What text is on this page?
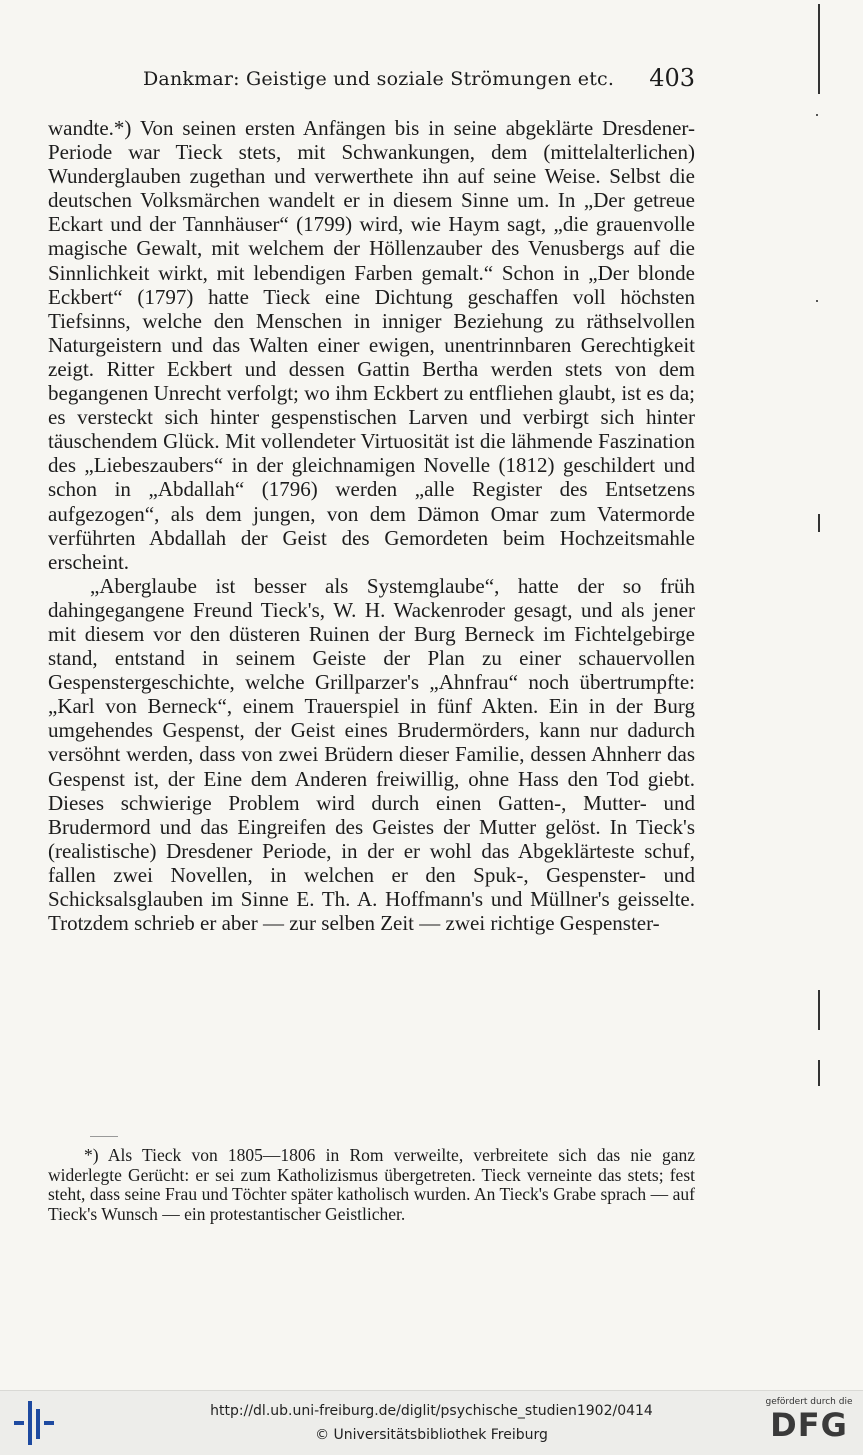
Dankmar: Geistige und soziale Strömungen etc. 403

wandte.*) Von seinen ersten Anfängen bis in seine abgeklärte Dresdener-Periode war Tieck stets, mit Schwankungen, dem (mittelalterlichen) Wunderglauben zugethan und verwerthete ihn auf seine Weise. Selbst die deutschen Volksmärchen wandelt er in diesem Sinne um. In „Der getreue Eckart und der Tannhäuser“ (1799) wird, wie Haym sagt, „die grauenvolle magische Gewalt, mit welchem der Höllenzauber des Venusbergs auf die Sinnlichkeit wirkt, mit lebendigen Farben gemalt.“ Schon in „Der blonde Eckbert“ (1797) hatte Tieck eine Dichtung geschaffen voll höchsten Tiefsinns, welche den Menschen in inniger Beziehung zu räthselvollen Naturgeistern und das Walten einer ewigen, unentrinnbaren Gerechtigkeit zeigt. Ritter Eckbert und dessen Gattin Bertha werden stets von dem begangenen Unrecht verfolgt; wo ihm Eckbert zu entfliehen glaubt, ist es da; es versteckt sich hinter gespenstischen Larven und verbirgt sich hinter täuschendem Glück. Mit vollendeter Virtuosität ist die lähmende Faszination des „Liebeszaubers“ in der gleichnamigen Novelle (1812) geschildert und schon in „Abdallah“ (1796) werden „alle Register des Entsetzens aufgezogen“, als dem jungen, von dem Dämon Omar zum Vatermorde verführten Abdallah der Geist des Gemordeten beim Hochzeitsmahle erscheint.

„Aberglaube ist besser als Systemglaube“, hatte der so früh dahingegangene Freund Tieck's, W. H. Wackenroder gesagt, und als jener mit diesem vor den düsteren Ruinen der Burg Berneck im Fichtelgebirge stand, entstand in seinem Geiste der Plan zu einer schauervollen Gespenstergeschichte, welche Grillparzer's „Ahnfrau“ noch übertrumpfte: „Karl von Berneck“, einem Trauerspiel in fünf Akten. Ein in der Burg umgehendes Gespenst, der Geist eines Brudermörders, kann nur dadurch versöhnt werden, dass von zwei Brüdern dieser Familie, dessen Ahnherr das Gespenst ist, der Eine dem Anderen freiwillig, ohne Hass den Tod giebt. Dieses schwierige Problem wird durch einen Gatten-, Mutter- und Brudermord und das Eingreifen des Geistes der Mutter gelöst. In Tieck's (realistische) Dresdener Periode, in der er wohl das Abgeklärteste schuf, fallen zwei Novellen, in welchen er den Spuk-, Gespenster- und Schicksalsglauben im Sinne E. Th. A. Hoffmann's und Müllner's geisselte. Trotzdem schrieb er aber — zur selben Zeit — zwei richtige Gespenster-

*) Als Tieck von 1805—1806 in Rom verweilte, verbreitete sich das nie ganz widerlegte Gerücht: er sei zum Katholizismus übergetreten. Tieck verneinte das stets; fest steht, dass seine Frau und Töchter später katholisch wurden. An Tieck's Grabe sprach — auf Tieck's Wunsch — ein protestantischer Geistlicher.
http://dl.ub.uni-freiburg.de/diglit/psychische_studien1902/0414
© Universitätsbibliothek Freiburg
gefördert durch die
DFG
